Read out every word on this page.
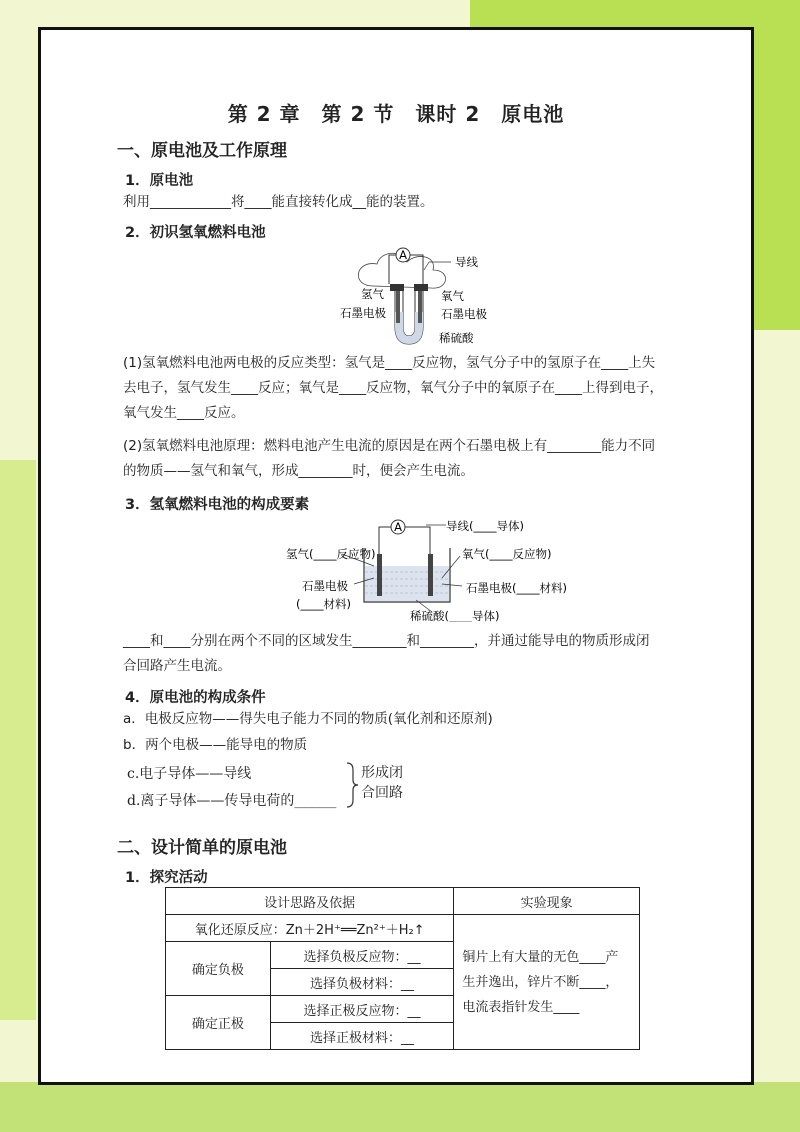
第 2 章　第 2 节　课时 2　原电池
一、原电池及工作原理
1．原电池
利用____________将____能直接转化成__能的装置。
2．初识氢氧燃料电池
A	导线
氢气	氧气
石墨电极	石墨电极
稀硫酸
(1)氢氧燃料电池两电极的反应类型：氢气是____反应物，氢气分子中的氢原子在____上失
去电子，氢气发生____反应；氧气是____反应物，氧气分子中的氧原子在____上得到电子，
氧气发生____反应。
(2)氢氧燃料电池原理：燃料电池产生电流的原因是在两个石墨电极上有________能力不同
的物质——氢气和氧气，形成________时，便会产生电流。
3．氢氧燃料电池的构成要素
A	导线(____导体)
氢气(____反应物)	氧气(____反应物)
石墨电极
(____材料)
石墨电极(____材料)
稀硫酸(____导体)
____和____分别在两个不同的区域发生________和________，并通过能导电的物质形成闭
合回路产生电流。
4．原电池的构成条件
a．电极反应物——得失电子能力不同的物质(氧化剂和还原剂)
b．两个电极——能导电的物质
c.电子导体——导线
d.离子导体——传导电荷的______
形成闭
合回路
二、设计简单的原电池
1．探究活动
设计思路及依据		实验现象
氧化还原反应：Zn＋2H⁺══Zn²⁺＋H₂↑		铜片上有大量的无色____产
生并逸出，锌片不断____，
电流表指针发生____

确定负极	选择负极反应物：__	
	选择负极材料：__	
确定正极	选择正极反应物：__	
	选择正极材料：__	
